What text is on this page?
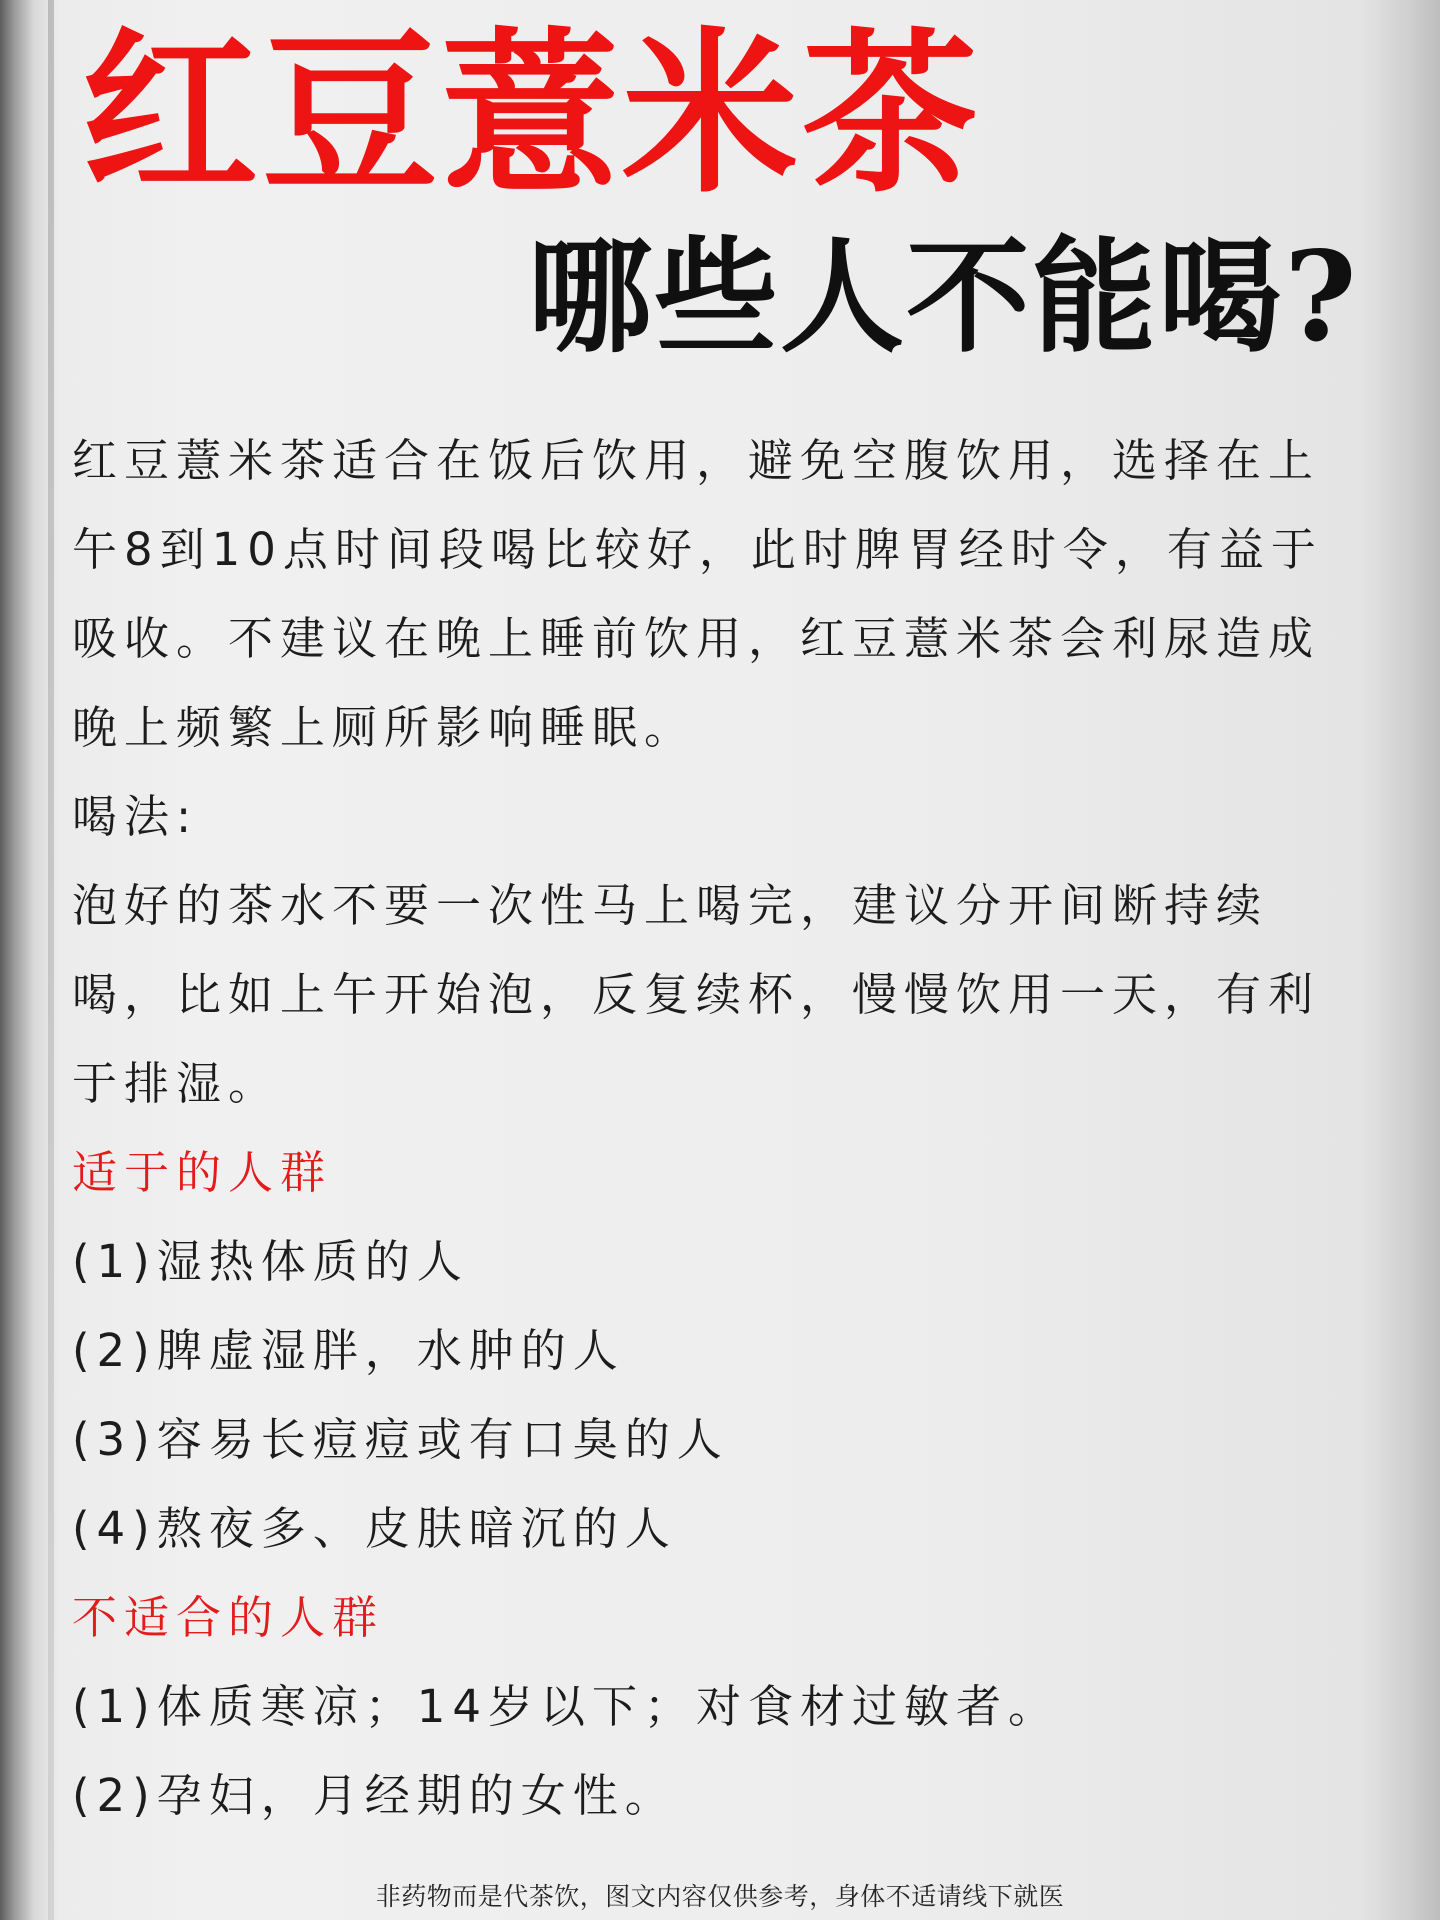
红豆薏米茶
哪些人不能喝?

红豆薏米茶适合在饭后饮用，避免空腹饮用，选择在上午8到10点时间段喝比较好，此时脾胃经时令，有益于吸收。不建议在晚上睡前饮用，红豆薏米茶会利尿造成晚上频繁上厕所影响睡眠。

喝法:

泡好的茶水不要一次性马上喝完，建议分开间断持续喝，比如上午开始泡，反复续杯，慢慢饮用一天，有利于排湿。

适于的人群

(1)湿热体质的人

(2)脾虚湿胖，水肿的人

(3)容易长痘痘或有口臭的人

(4)熬夜多、皮肤暗沉的人

不适合的人群

(1)体质寒凉；14岁以下；对食材过敏者。

(2)孕妇，月经期的女性。

非药物而是代茶饮，图文内容仅供参考，身体不适请线下就医
